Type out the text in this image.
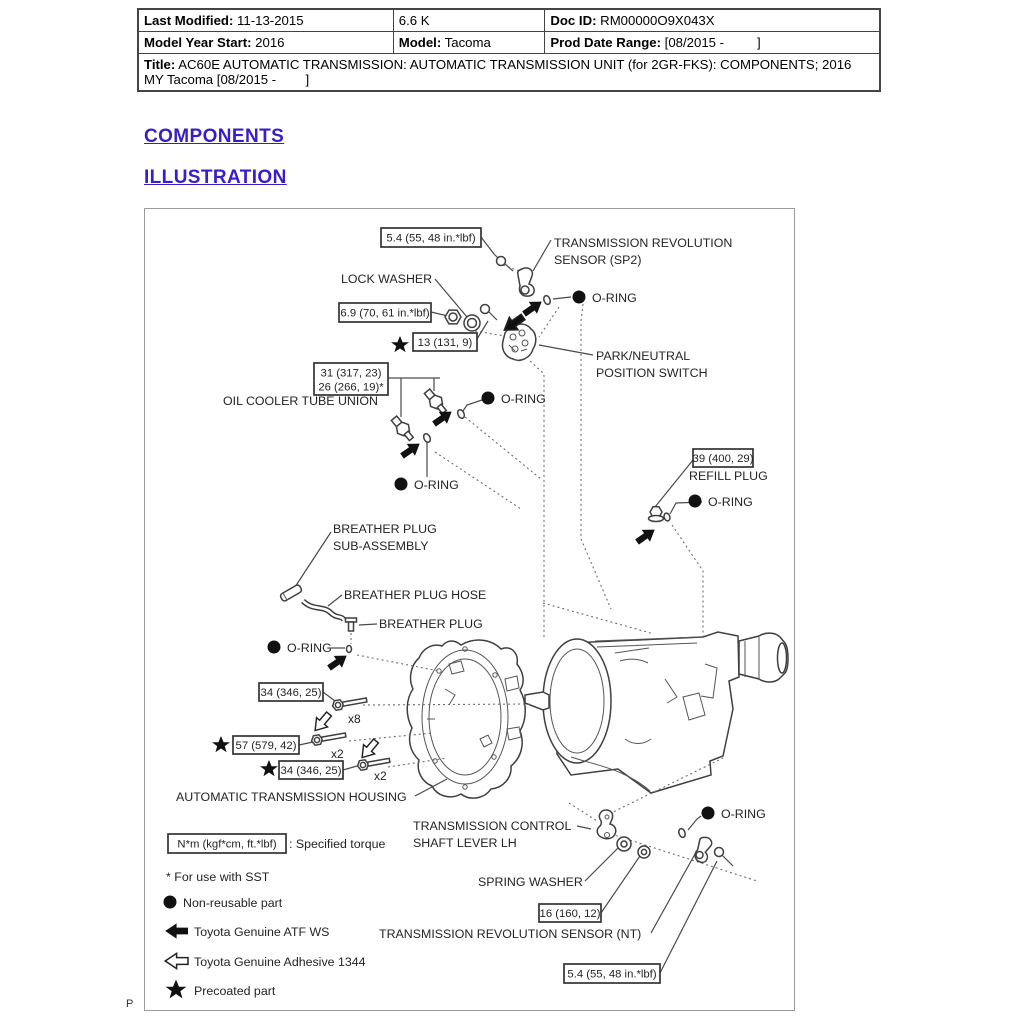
Last Modified: 11-13-2015	6.6 K	Doc ID: RM00000O9X043X
Model Year Start: 2016	Model: Tacoma	Prod Date Range: [08/2015 -         ]
Title: AC60E AUTOMATIC TRANSMISSION: AUTOMATIC TRANSMISSION UNIT (for 2GR-FKS): COMPONENTS; 2016 MY Tacoma [08/2015 -        ]		
COMPONENTS
ILLUSTRATION
5.4 (55, 48 in.*lbf)
6.9 (70, 61 in.*lbf)
13 (131, 9)
31 (317, 23)
26 (266, 19)*
39 (400, 29)
34 (346, 25)
57 (579, 42)
34 (346, 25)
16 (160, 12)
5.4 (55, 48 in.*lbf)
TRANSMISSION REVOLUTION
SENSOR (SP2)
LOCK WASHER
O-RING
PARK/NEUTRAL
POSITION SWITCH
OIL COOLER TUBE UNION	O-RING
O-RING
REFILL PLUG
O-RING
BREATHER PLUG
SUB-ASSEMBLY
BREATHER PLUG HOSE
BREATHER PLUG
O-RING
x8
x2
x2
AUTOMATIC TRANSMISSION HOUSING
TRANSMISSION CONTROL
SHAFT LEVER LH
O-RING
SPRING WASHER
TRANSMISSION REVOLUTION SENSOR (NT)
N*m (kgf*cm, ft.*lbf) : Specified torque
* For use with SST
Non-reusable part
Toyota Genuine ATF WS
Toyota Genuine Adhesive 1344
Precoated part
P
